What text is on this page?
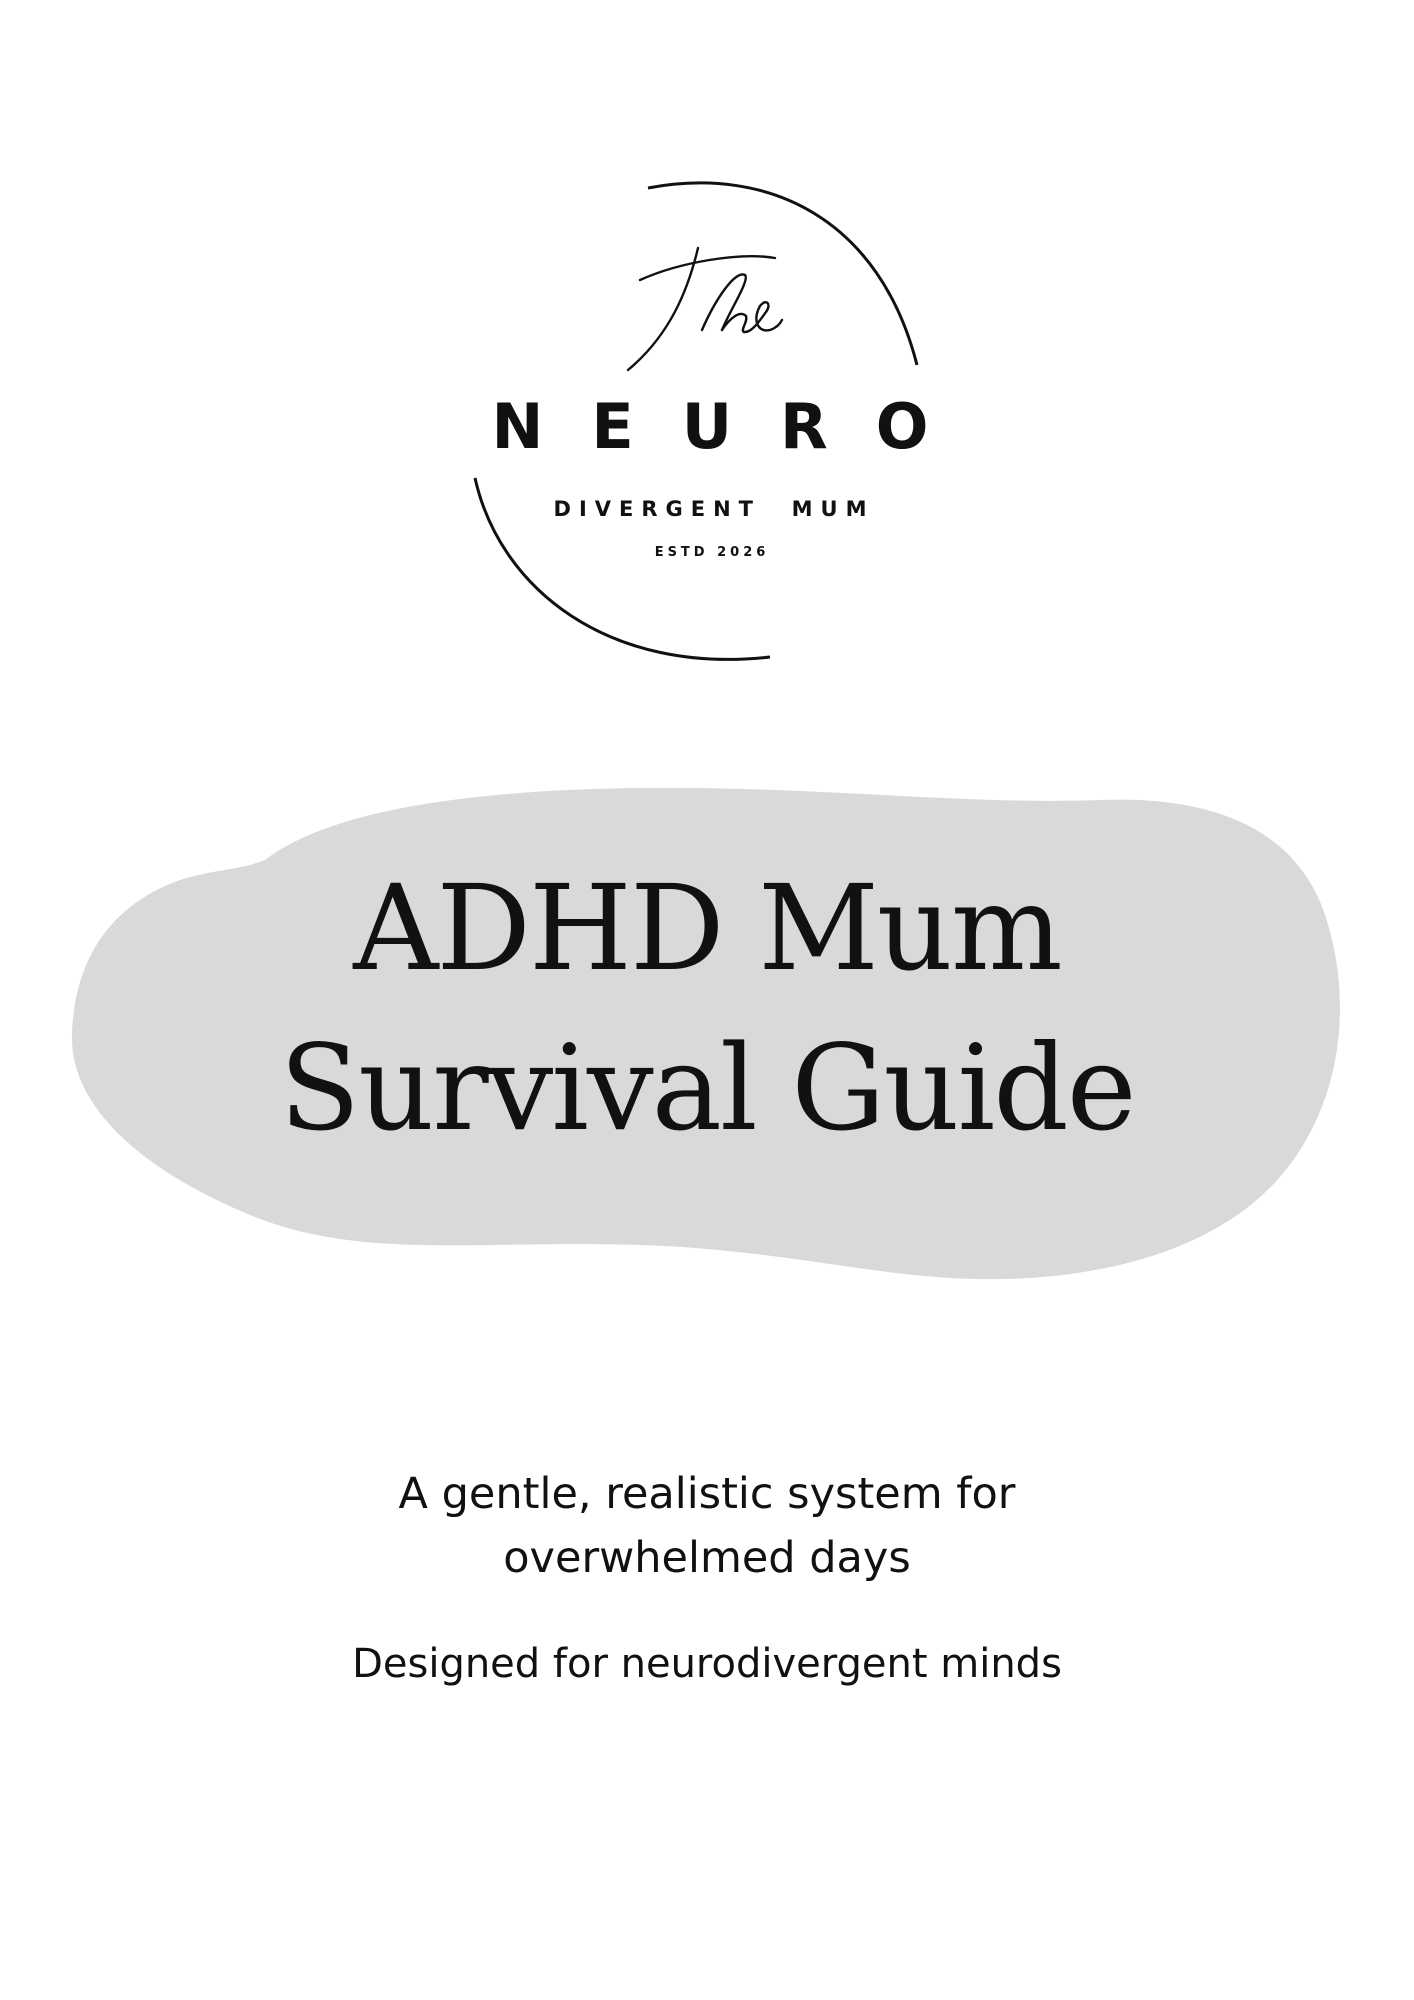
NEURO
DIVERGENT  MUM
ESTD 2026
ADHD Mum
Survival Guide
A gentle, realistic system for
overwhelmed days
Designed for neurodivergent minds
